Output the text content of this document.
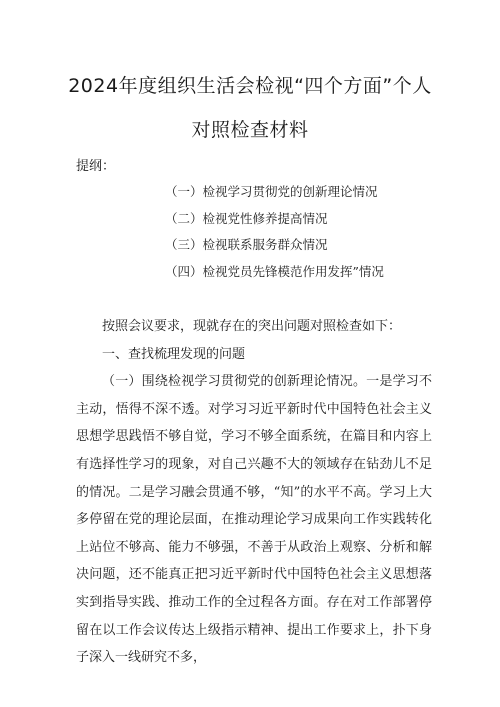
2024年度组织生活会检视“四个方面”个人
对照检查材料
提纲：
（一）检视学习贯彻党的创新理论情况
（二）检视党性修养提高情况
（三）检视联系服务群众情况
（四）检视党员先锋模范作用发挥”情况

按照会议要求，现就存在的突出问题对照检查如下：

一、查找梳理发现的问题

（一）围绕检视学习贯彻党的创新理论情况。一是学习不主动，悟得不深不透。对学习习近平新时代中国特色社会主义思想学思践悟不够自觉，学习不够全面系统，在篇目和内容上有选择性学习的现象，对自己兴趣不大的领域存在钻劲儿不足的情况。二是学习融会贯通不够，“知”的水平不高。学习上大多停留在党的理论层面，在推动理论学习成果向工作实践转化上站位不够高、能力不够强，不善于从政治上观察、分析和解决问题，还不能真正把习近平新时代中国特色社会主义思想落实到指导实践、推动工作的全过程各方面。存在对工作部署停留在以工作会议传达上级指示精神、提出工作要求上，扑下身子深入一线研究不多，
